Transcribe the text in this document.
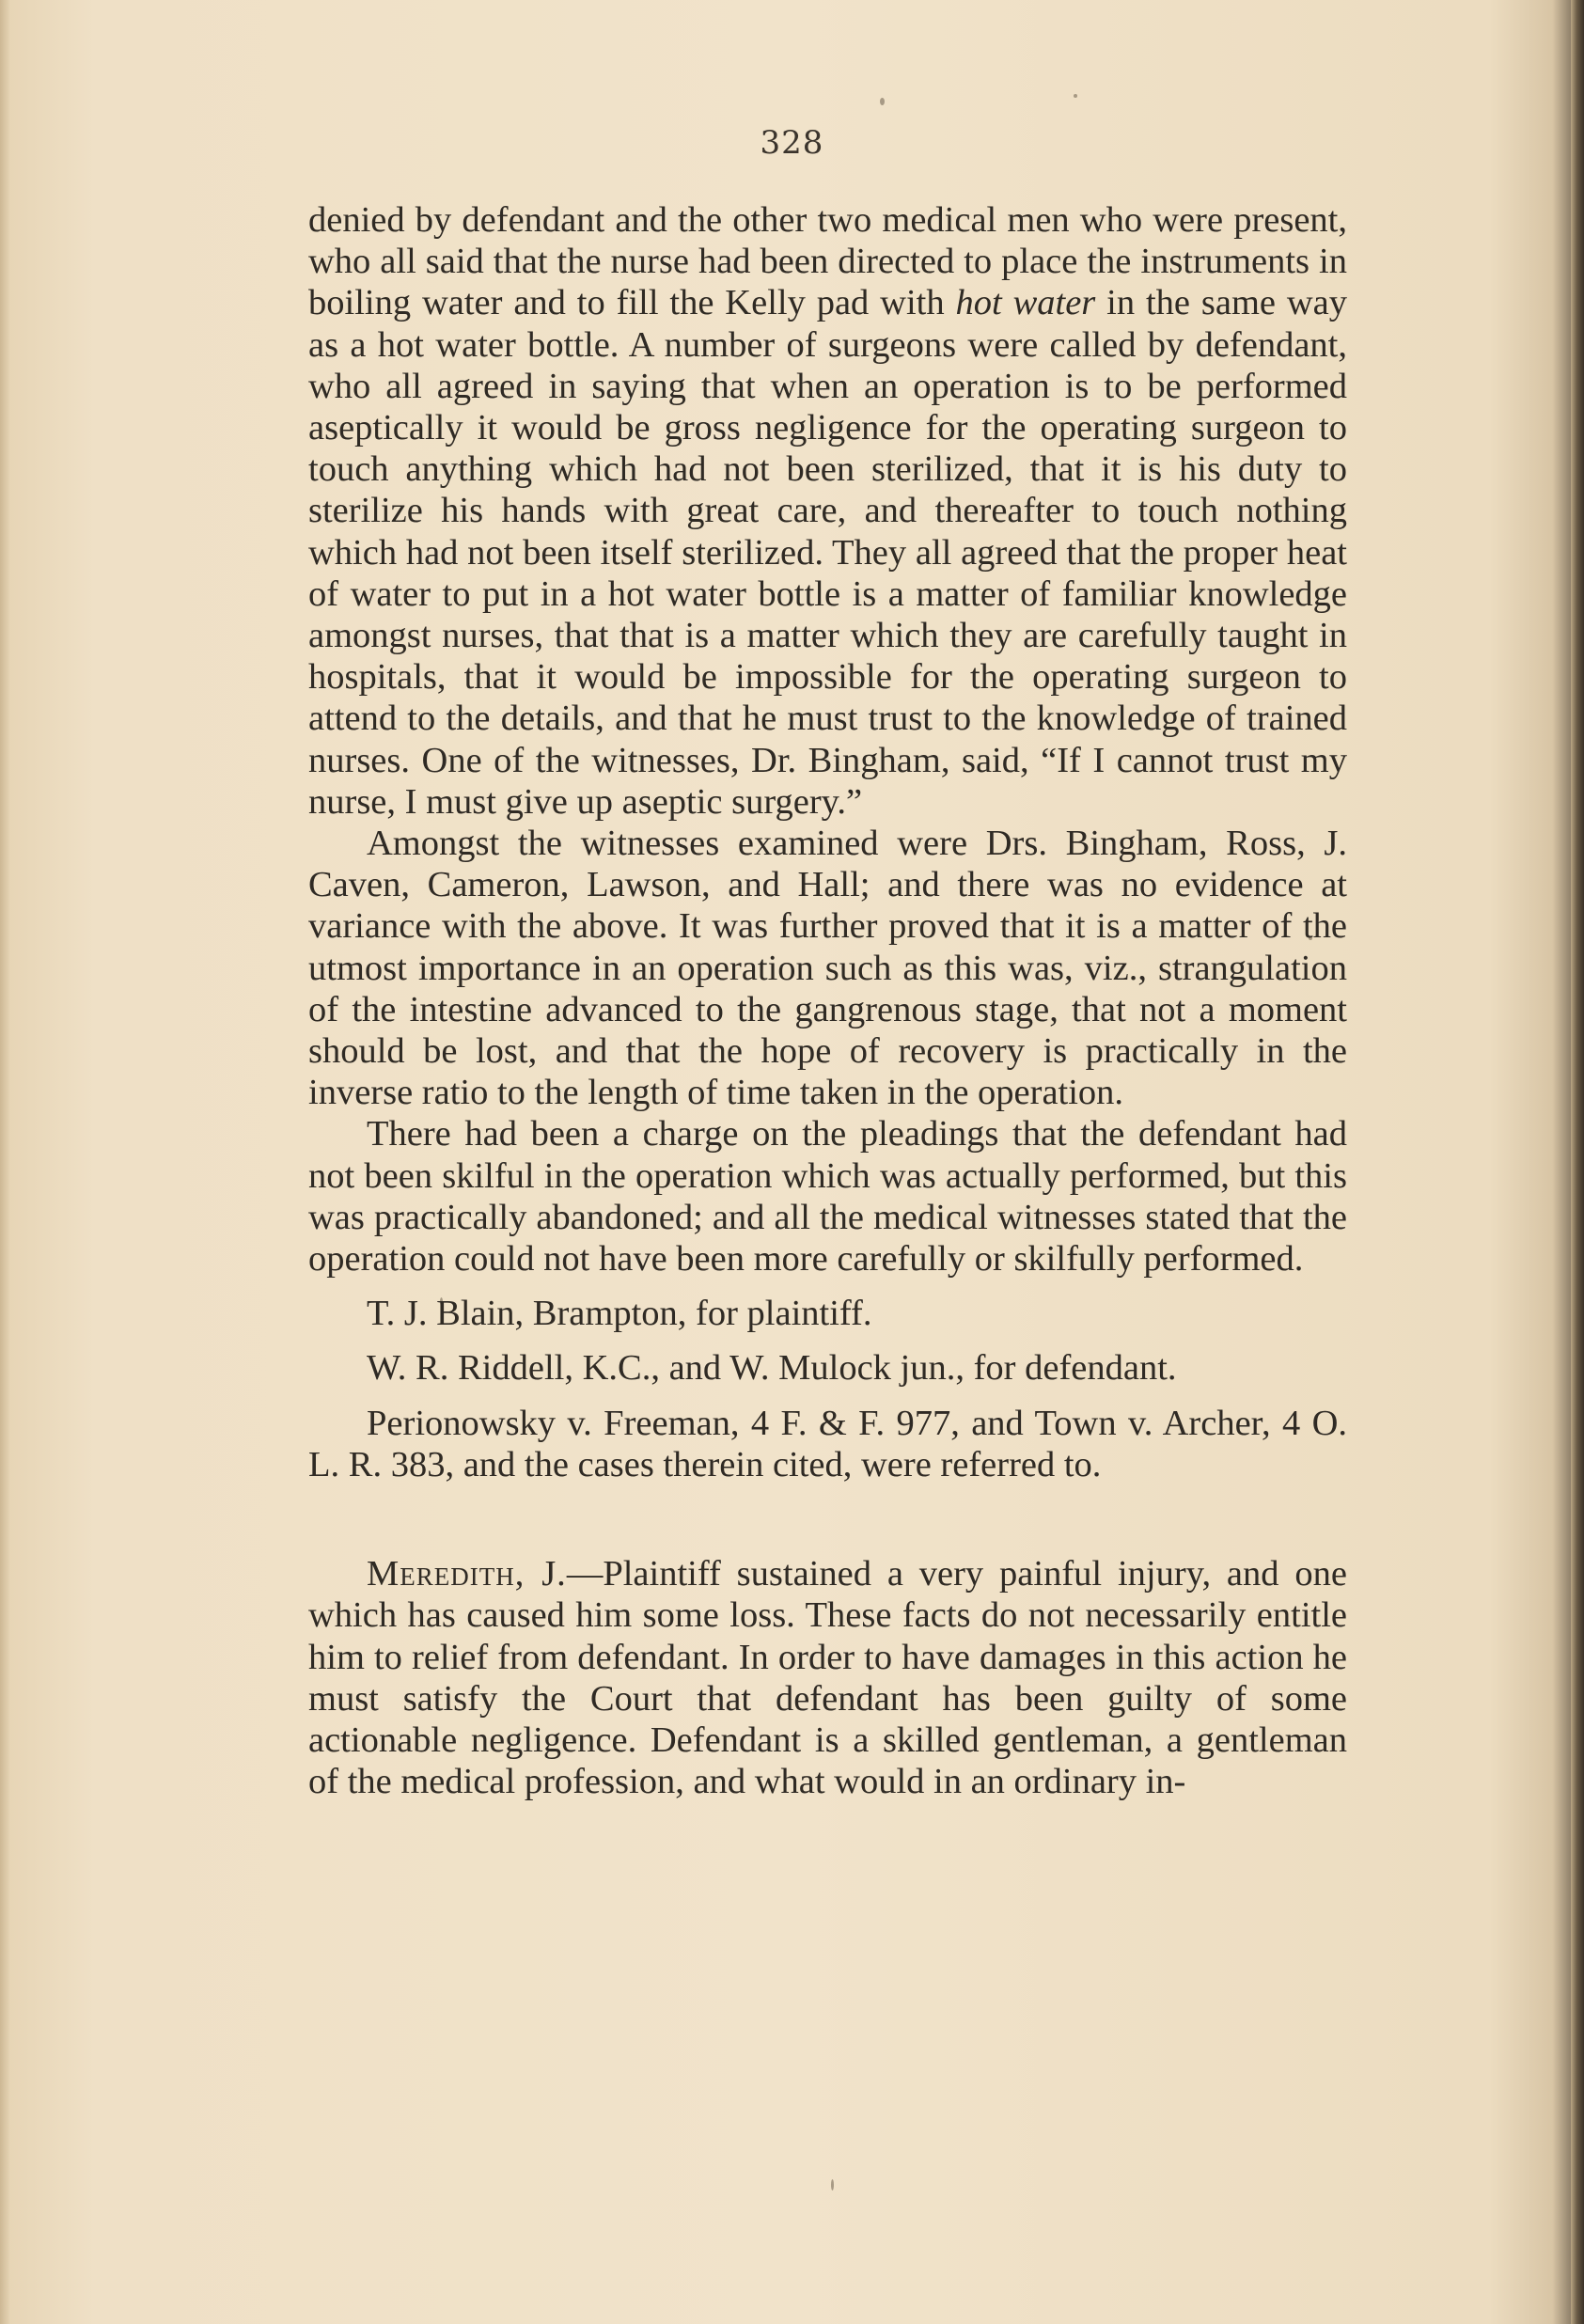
328

denied by defendant and the other two medical men who were present, who all said that the nurse had been directed to place the instruments in boiling water and to fill the Kelly pad with hot water in the same way as a hot water bottle. A number of surgeons were called by defendant, who all agreed in saying that when an operation is to be performed aseptically it would be gross negligence for the operating surgeon to touch anything which had not been sterilized, that it is his duty to sterilize his hands with great care, and thereafter to touch nothing which had not been itself sterilized. They all agreed that the proper heat of water to put in a hot water bottle is a matter of familiar knowledge amongst nurses, that that is a matter which they are carefully taught in hospitals, that it would be impossible for the operating surgeon to attend to the details, and that he must trust to the knowledge of trained nurses. One of the witnesses, Dr. Bingham, said, “If I cannot trust my nurse, I must give up aseptic surgery.”

Amongst the witnesses examined were Drs. Bingham, Ross, J. Caven, Cameron, Lawson, and Hall; and there was no evidence at variance with the above. It was further proved that it is a matter of the utmost importance in an operation such as this was, viz., strangulation of the intestine advanced to the gangrenous stage, that not a moment should be lost, and that the hope of recovery is practically in the inverse ratio to the length of time taken in the operation.

There had been a charge on the pleadings that the defendant had not been skilful in the operation which was actually performed, but this was practically abandoned; and all the medical witnesses stated that the operation could not have been more carefully or skilfully performed.

T. J. Blain, Brampton, for plaintiff.

W. R. Riddell, K.C., and W. Mulock jun., for defendant.

Perionowsky v. Freeman, 4 F. & F. 977, and Town v. Archer, 4 O. L. R. 383, and the cases therein cited, were referred to.

Meredith, J.—Plaintiff sustained a very painful injury, and one which has caused him some loss. These facts do not necessarily entitle him to relief from defendant. In order to have damages in this action he must satisfy the Court that defendant has been guilty of some actionable negligence. Defendant is a skilled gentleman, a gentleman of the medical profession, and what would in an ordinary in-
